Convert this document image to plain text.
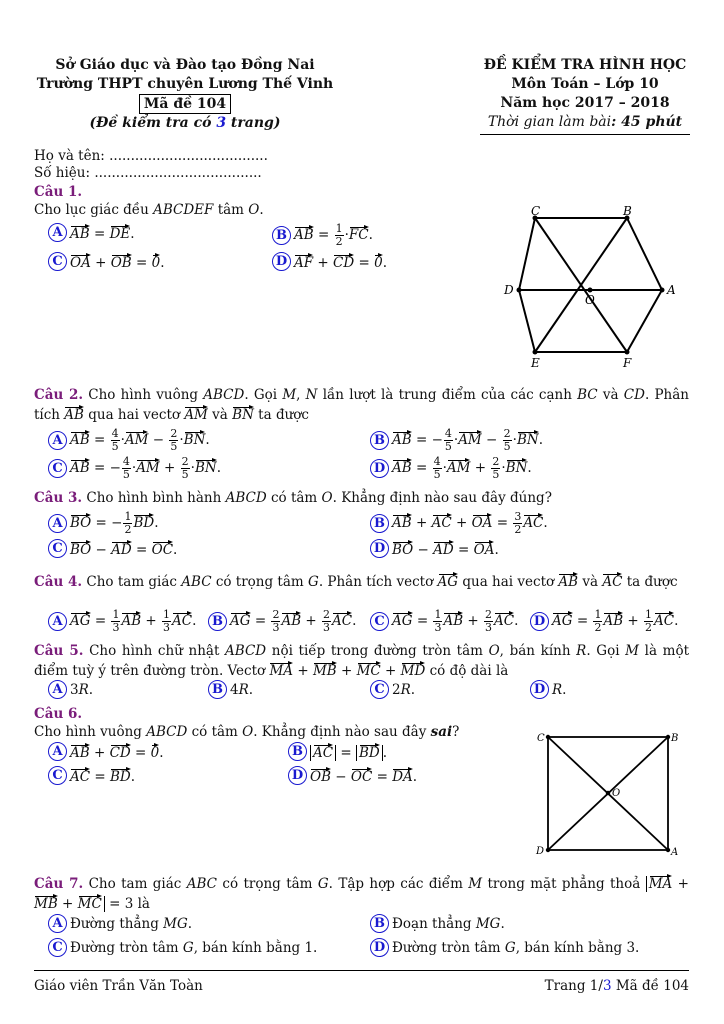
Sở Giáo dục và Đào tạo Đồng Nai
Trường THPT chuyên Lương Thế Vinh
Mã đề 104
(Đề kiểm tra có 3 trang)
ĐỀ KIỂM TRA HÌNH HỌC
Môn Toán – Lớp 10
Năm học 2017 – 2018
Thời gian làm bài: 45 phút
Họ và tên: .....................................
Số hiệu: .......................................
Câu 1.
Cho lục giác đều ABCDEF tâm O.
A AB = DE.	B AB = $\frac{1}{2} \cdot FC$.
C OA + OB = 0.	D AF + CD = 0.
Câu 2. Cho hình vuông ABCD. Gọi M, N lần lượt là trung điểm của các cạnh BC và CD. Phân tích AB qua hai vectơ AM và BN ta được
A AB = $\frac{4}{5} \cdot AM - \frac{2}{5} \cdot BN$.	B AB = − $\frac{4}{5} \cdot AM - \frac{2}{5} \cdot BN$.
C AB = − $\frac{4}{5} \cdot AM + \frac{2}{5} \cdot BN$.	D AB = $\frac{4}{5} \cdot AM + \frac{2}{5} \cdot BN$.
Câu 3. Cho hình bình hành ABCD có tâm O. Khẳng định nào sau đây đúng?
A BO = − $\frac{1}{2}$ BD.	B AB + AC + OA = $\frac{3}{2}$ AC.
C BO − AD = OC.	D BO − AD = OA.
Câu 4. Cho tam giác ABC có trọng tâm G. Phân tích vectơ AG qua hai vectơ AB và AC ta được
A AG = $\frac{1}{3}$ AB + $\frac{1}{3}$ AC.	B AG = $\frac{2}{3}$ AB + $\frac{2}{3}$ AC.	C AG = $\frac{1}{3}$ AB + $\frac{2}{3}$ AC. D AG = $\frac{1}{2}$ AB + $\frac{1}{2}$ AC.
Câu 5. Cho hình chữ nhật ABCD nội tiếp trong đường tròn tâm O, bán kính R. Gọi M là một điểm tuỳ ý trên đường tròn. Vectơ MA + MB + MC + MD có độ dài là
A 3R.	B 4R.	C 2R.	D R.
Câu 6.
Cho hình vuông ABCD có tâm O. Khẳng định nào sau đây sai?
A AB + CD = 0.	B AC = BD .
C AC = BD.	D OB − OC = DA.
Câu 7. Cho tam giác ABC có trọng tâm G. Tập hợp các điểm M trong mặt phẳng thoả MA + MB + MC = 3 là
A Đường thẳng MG.	B Đoạn thẳng MG.
C Đường tròn tâm G, bán kính bằng 1.	D Đường tròn tâm G, bán kính bằng 3.
A
B
C
D
E	F
O
A
B
C
D
O
Giáo viên Trần Văn Toàn	Trang 1/3 Mã đề 104
